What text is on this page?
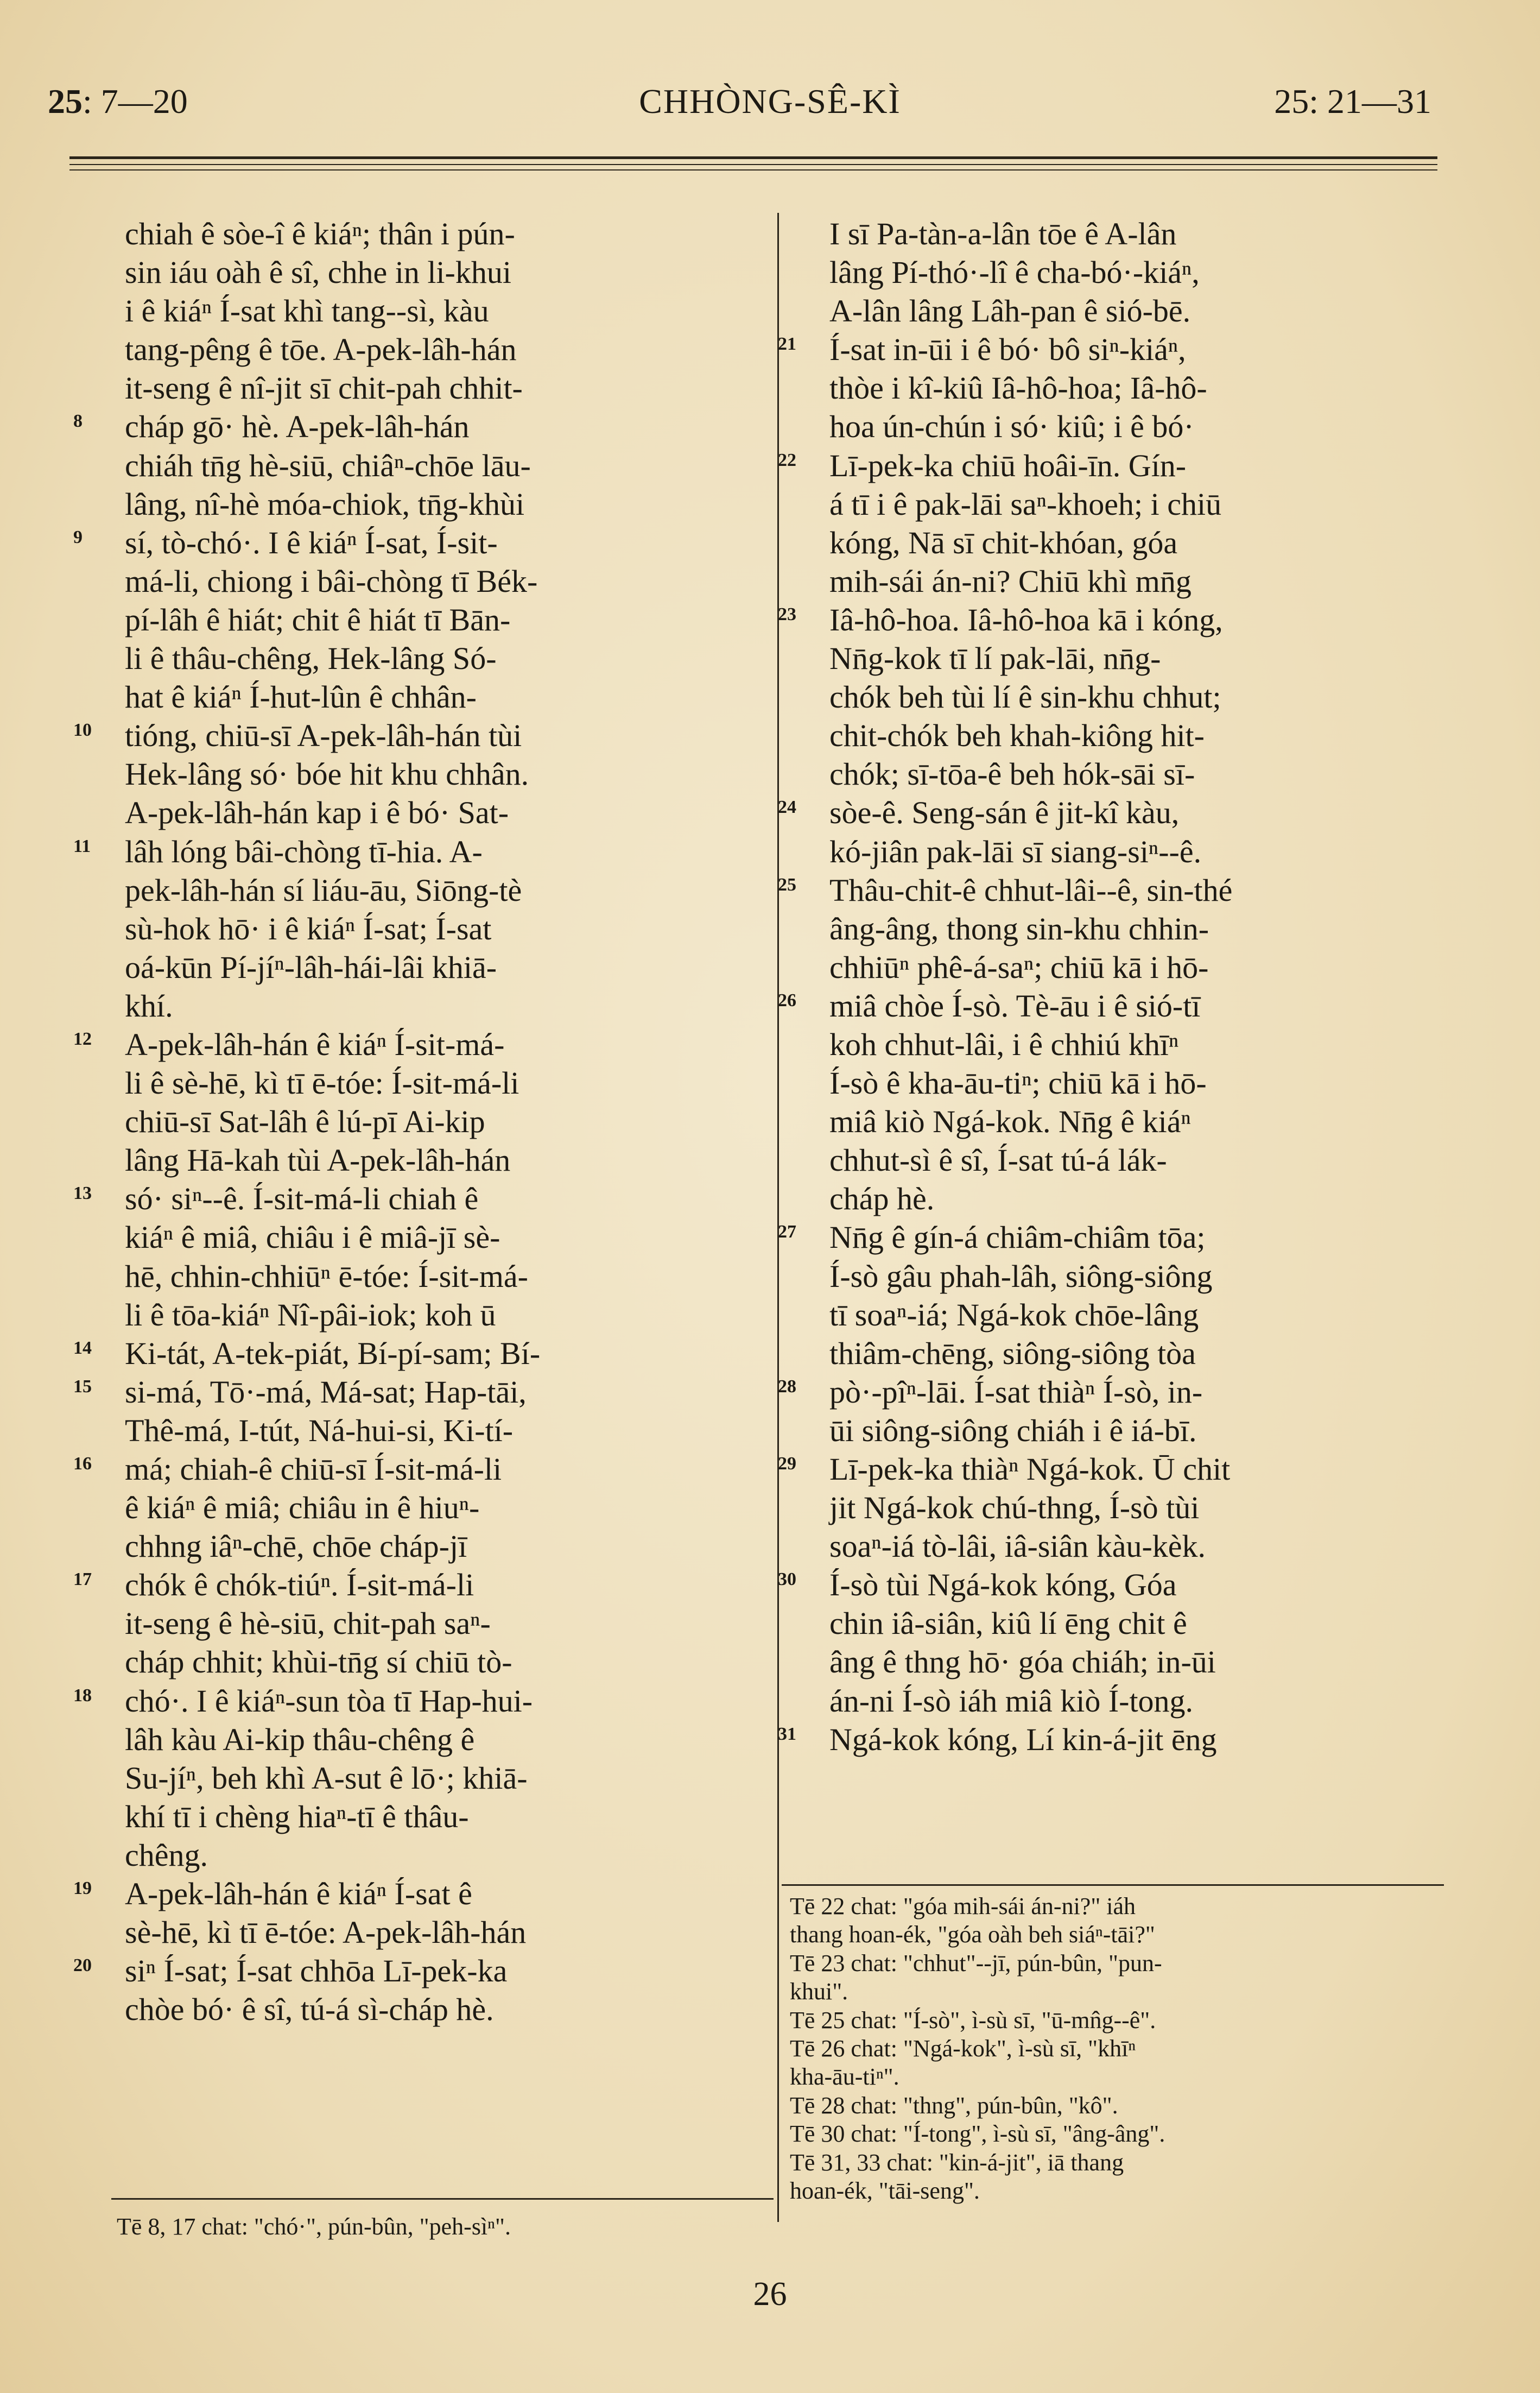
25: 7—20	CHHÒNG-SÊ-KÌ	25: 21—31
chiah ê sòe-î ê kiáⁿ; thân i pún-
sin iáu oàh ê sî, chhe in li-khui
i ê kiáⁿ Í-sat khì tang--sì, kàu
tang-pêng ê tōe. A-pek-lâh-hán
it-seng ê nî-jit sī chit-pah chhit-
8 cháp gō· hè. A-pek-lâh-hán
chiáh tn̄g hè-siū, chiâⁿ-chōe lāu-
lâng, nî-hè móa-chiok, tn̄g-khùi
9 sí, tò-chó·. I ê kiáⁿ Í-sat, Í-sit-
má-li, chiong i bâi-chòng tī Bék-
pí-lâh ê hiát; chit ê hiát tī Bān-
li ê thâu-chêng, Hek-lâng Só-
hat ê kiáⁿ Í-hut-lûn ê chhân-
10 tióng, chiū-sī A-pek-lâh-hán tùi
Hek-lâng só· bóe hit khu chhân.
A-pek-lâh-hán kap i ê bó· Sat-
11 lâh lóng bâi-chòng tī-hia. A-
pek-lâh-hán sí liáu-āu, Siōng-tè
sù-hok hō· i ê kiáⁿ Í-sat; Í-sat
oá-kūn Pí-jíⁿ-lâh-hái-lâi khiā-
khí.
12 A-pek-lâh-hán ê kiáⁿ Í-sit-má-
li ê sè-hē, kì tī ē-tóe: Í-sit-má-li
chiū-sī Sat-lâh ê lú-pī Ai-kip
lâng Hā-kah tùi A-pek-lâh-hán
13 só· siⁿ--ê. Í-sit-má-li chiah ê
kiáⁿ ê miâ, chiâu i ê miâ-jī sè-
hē, chhin-chhiūⁿ ē-tóe: Í-sit-má-
li ê tōa-kiáⁿ Nî-pâi-iok; koh ū
14 Ki-tát, A-tek-piát, Bí-pí-sam; Bí-
15 si-má, Tō·-má, Má-sat; Hap-tāi,
Thê-má, I-tút, Ná-hui-si, Ki-tí-
16 má; chiah-ê chiū-sī Í-sit-má-li
ê kiáⁿ ê miâ; chiâu in ê hiuⁿ-
chhng iâⁿ-chē, chōe cháp-jī
17 chók ê chók-tiúⁿ. Í-sit-má-li
it-seng ê hè-siū, chit-pah saⁿ-
cháp chhit; khùi-tn̄g sí chiū tò-
18 chó·. I ê kiáⁿ-sun tòa tī Hap-hui-
lâh kàu Ai-kip thâu-chêng ê
Su-jíⁿ, beh khì A-sut ê lō·; khiā-
khí tī i chèng hiaⁿ-tī ê thâu-
chêng.
19 A-pek-lâh-hán ê kiáⁿ Í-sat ê
sè-hē, kì tī ē-tóe: A-pek-lâh-hán
20 siⁿ Í-sat; Í-sat chhōa Lī-pek-ka
chòe bó· ê sî, tú-á sì-cháp hè.
I sī Pa-tàn-a-lân tōe ê A-lân
lâng Pí-thó·-lî ê cha-bó·-kiáⁿ,
A-lân lâng Lâh-pan ê sió-bē.
21 Í-sat in-ūi i ê bó· bô siⁿ-kiáⁿ,
thòe i kî-kiû Iâ-hô-hoa; Iâ-hô-
hoa ún-chún i só· kiû; i ê bó·
22 Lī-pek-ka chiū hoâi-īn. Gín-
á tī i ê pak-lāi saⁿ-khoeh; i chiū
kóng, Nā sī chit-khóan, góa
mih-sái án-ni? Chiū khì mn̄g
23 Iâ-hô-hoa. Iâ-hô-hoa kā i kóng,
Nn̄g-kok tī lí pak-lāi, nn̄g-
chók beh tùi lí ê sin-khu chhut;
chit-chók beh khah-kiông hit-
chók; sī-tōa-ê beh hók-sāi sī-
24 sòe-ê. Seng-sán ê jit-kî kàu,
kó-jiân pak-lāi sī siang-siⁿ--ê.
25 Thâu-chit-ê chhut-lâi--ê, sin-thé
âng-âng, thong sin-khu chhin-
chhiūⁿ phê-á-saⁿ; chiū kā i hō-
26 miâ chòe Í-sò. Tè-āu i ê sió-tī
koh chhut-lâi, i ê chhiú khīⁿ
Í-sò ê kha-āu-tiⁿ; chiū kā i hō-
miâ kiò Ngá-kok. Nn̄g ê kiáⁿ
chhut-sì ê sî, Í-sat tú-á lák-
cháp hè.
27 Nn̄g ê gín-á chiâm-chiâm tōa;
Í-sò gâu phah-lâh, siông-siông
tī soaⁿ-iá; Ngá-kok chōe-lâng
thiâm-chēng, siông-siông tòa
28 pò·-pîⁿ-lāi. Í-sat thiàⁿ Í-sò, in-
ūi siông-siông chiáh i ê iá-bī.
29 Lī-pek-ka thiàⁿ Ngá-kok. Ū chit
jit Ngá-kok chú-thng, Í-sò tùi
soaⁿ-iá tò-lâi, iâ-siân kàu-kèk.
30 Í-sò tùi Ngá-kok kóng, Góa
chin iâ-siân, kiû lí ēng chit ê
âng ê thng hō· góa chiáh; in-ūi
án-ni Í-sò iáh miâ kiò Í-tong.
31 Ngá-kok kóng, Lí kin-á-jit ēng
Tē 22 chat: "góa mih-sái án-ni?" iáh
thang hoan-ék, "góa oàh beh siáⁿ-tāi?"
Tē 23 chat: "chhut"--jī, pún-bûn, "pun-
khui".
Tē 25 chat: "Í-sò", ì-sù sī, "ū-mn̂g--ê".
Tē 26 chat: "Ngá-kok", ì-sù sī, "khīⁿ
kha-āu-tiⁿ".
Tē 28 chat: "thng", pún-bûn, "kô".
Tē 30 chat: "Í-tong", ì-sù sī, "âng-âng".
Tē 31, 33 chat: "kin-á-jit", iā thang
hoan-ék, "tāi-seng".
Tē 8, 17 chat: "chó·", pún-bûn, "peh-sìⁿ".
26
